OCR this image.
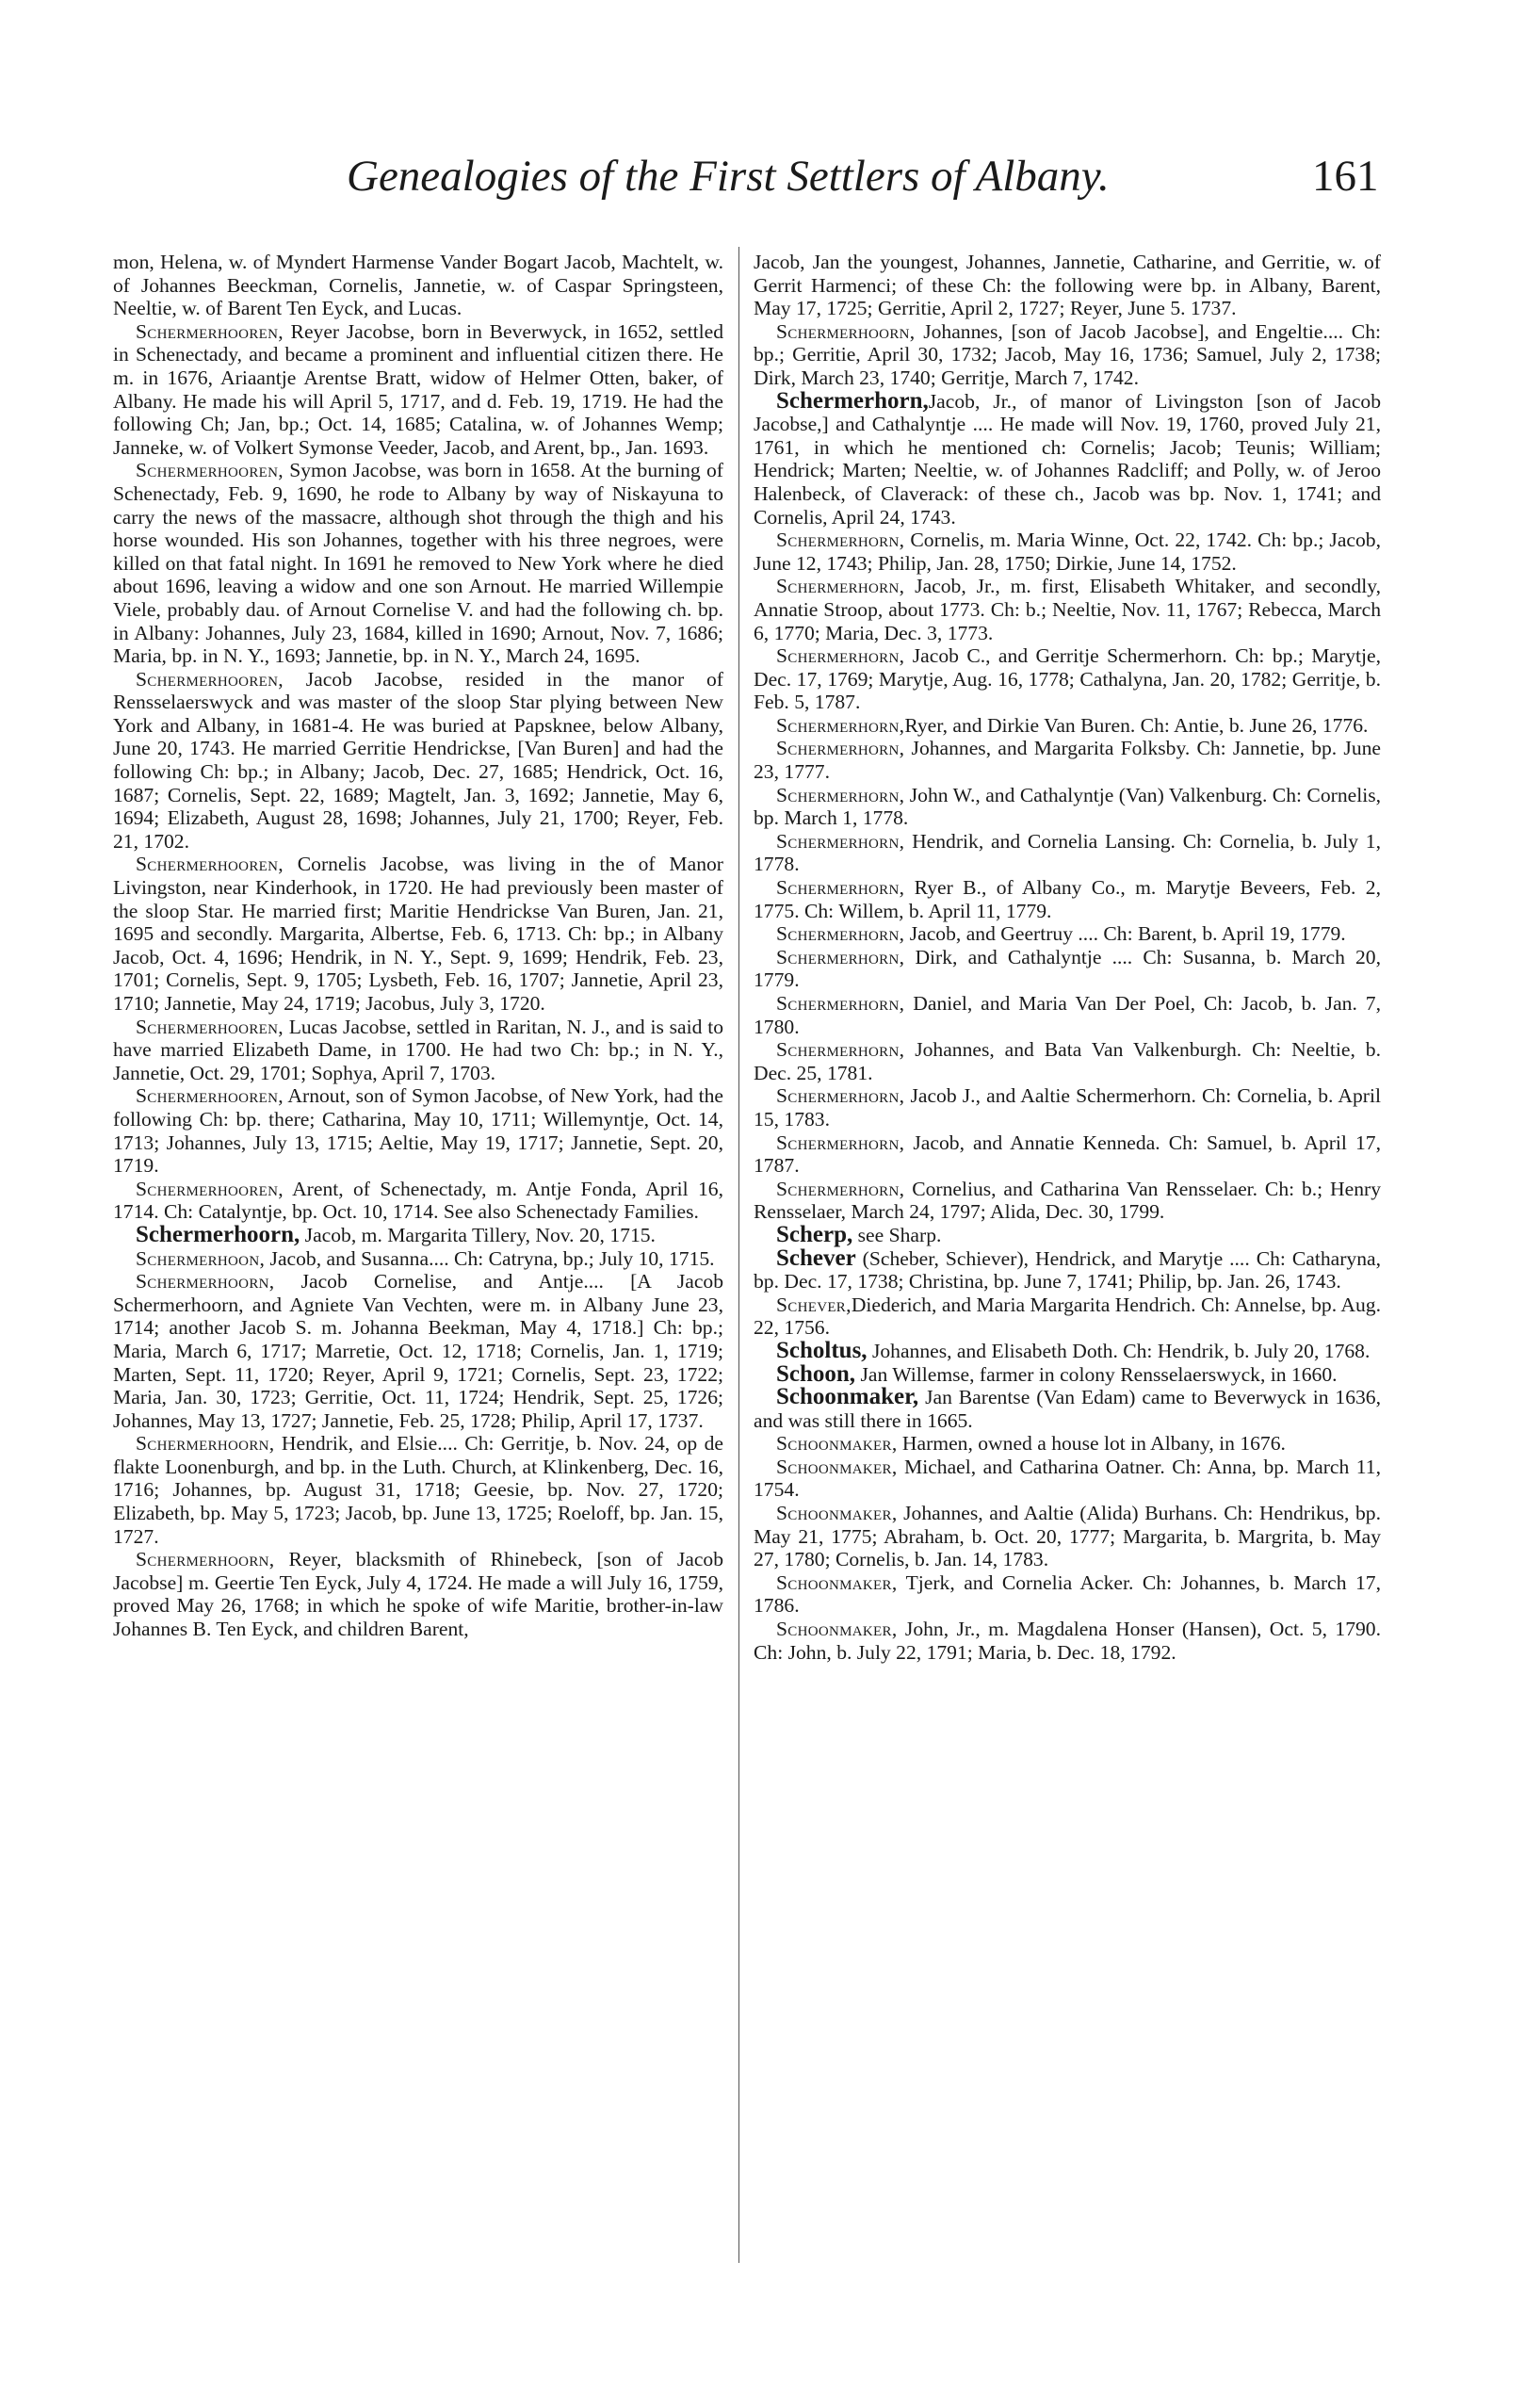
Genealogies of the First Settlers of Albany.	161

mon, Helena, w. of Myndert Harmense Vander Bogart Jacob, Machtelt, w. of Johannes Beeckman, Cornelis, Jannetie, w. of Caspar Springsteen, Neeltie, w. of Barent Ten Eyck, and Lucas.

Schermerhooren, Reyer Jacobse, born in Beverwyck, in 1652, settled in Schenectady, and became a prominent and influential citizen there. He m. in 1676, Ariaantje Arentse Bratt, widow of Helmer Otten, baker, of Albany. He made his will April 5, 1717, and d. Feb. 19, 1719. He had the following Ch; Jan, bp.; Oct. 14, 1685; Catalina, w. of Johannes Wemp; Janneke, w. of Volkert Symonse Veeder, Jacob, and Arent, bp., Jan. 1693.

Schermerhooren, Symon Jacobse, was born in 1658. At the burning of Schenectady, Feb. 9, 1690, he rode to Albany by way of Niskayuna to carry the news of the massacre, although shot through the thigh and his horse wounded. His son Johannes, together with his three negroes, were killed on that fatal night. In 1691 he removed to New York where he died about 1696, leaving a widow and one son Arnout. He married Willempie Viele, probably dau. of Arnout Cornelise V. and had the following ch. bp. in Albany: Johannes, July 23, 1684, killed in 1690; Arnout, Nov. 7, 1686; Maria, bp. in N. Y., 1693; Jannetie, bp. in N. Y., March 24, 1695.

Schermerhooren, Jacob Jacobse, resided in the manor of Rensselaerswyck and was master of the sloop Star plying between New York and Albany, in 1681-4. He was buried at Papsknee, below Albany, June 20, 1743. He married Gerritie Hendrickse, [Van Buren] and had the following Ch: bp.; in Albany; Jacob, Dec. 27, 1685; Hendrick, Oct. 16, 1687; Cornelis, Sept. 22, 1689; Magtelt, Jan. 3, 1692; Jannetie, May 6, 1694; Elizabeth, August 28, 1698; Johannes, July 21, 1700; Reyer, Feb. 21, 1702.

Schermerhooren, Cornelis Jacobse, was living in the of Manor Livingston, near Kinderhook, in 1720. He had previously been master of the sloop Star. He married first; Maritie Hendrickse Van Buren, Jan. 21, 1695 and secondly. Margarita, Albertse, Feb. 6, 1713. Ch: bp.; in Albany Jacob, Oct. 4, 1696; Hendrik, in N. Y., Sept. 9, 1699; Hendrik, Feb. 23, 1701; Cornelis, Sept. 9, 1705; Lysbeth, Feb. 16, 1707; Jannetie, April 23, 1710; Jannetie, May 24, 1719; Jacobus, July 3, 1720.

Schermerhooren, Lucas Jacobse, settled in Raritan, N. J., and is said to have married Elizabeth Dame, in 1700. He had two Ch: bp.; in N. Y., Jannetie, Oct. 29, 1701; Sophya, April 7, 1703.

Schermerhooren, Arnout, son of Symon Jacobse, of New York, had the following Ch: bp. there; Catharina, May 10, 1711; Willemyntje, Oct. 14, 1713; Johannes, July 13, 1715; Aeltie, May 19, 1717; Jannetie, Sept. 20, 1719.

Schermerhooren, Arent, of Schenectady, m. Antje Fonda, April 16, 1714. Ch: Catalyntje, bp. Oct. 10, 1714. See also Schenectady Families.

Schermerhoorn, Jacob, m. Margarita Tillery, Nov. 20, 1715.

Schermerhoon, Jacob, and Susanna.... Ch: Catryna, bp.; July 10, 1715.

Schermerhoorn, Jacob Cornelise, and Antje.... [A Jacob Schermerhoorn, and Agniete Van Vechten, were m. in Albany June 23, 1714; another Jacob S. m. Johanna Beekman, May 4, 1718.] Ch: bp.; Maria, March 6, 1717; Marretie, Oct. 12, 1718; Cornelis, Jan. 1, 1719; Marten, Sept. 11, 1720; Reyer, April 9, 1721; Cornelis, Sept. 23, 1722; Maria, Jan. 30, 1723; Gerritie, Oct. 11, 1724; Hendrik, Sept. 25, 1726; Johannes, May 13, 1727; Jannetie, Feb. 25, 1728; Philip, April 17, 1737.

Schermerhoorn, Hendrik, and Elsie.... Ch: Gerritje, b. Nov. 24, op de flakte Loonenburgh, and bp. in the Luth. Church, at Klinkenberg, Dec. 16, 1716; Johannes, bp. August 31, 1718; Geesie, bp. Nov. 27, 1720; Elizabeth, bp. May 5, 1723; Jacob, bp. June 13, 1725; Roeloff, bp. Jan. 15, 1727.

Schermerhoorn, Reyer, blacksmith of Rhinebeck, [son of Jacob Jacobse] m. Geertie Ten Eyck, July 4, 1724. He made a will July 16, 1759, proved May 26, 1768; in which he spoke of wife Maritie, brother-in-law Johannes B. Ten Eyck, and children Barent,

Jacob, Jan the youngest, Johannes, Jannetie, Catharine, and Gerritie, w. of Gerrit Harmenci; of these Ch: the following were bp. in Albany, Barent, May 17, 1725; Gerritie, April 2, 1727; Reyer, June 5. 1737.

Schermerhoorn, Johannes, [son of Jacob Jacobse], and Engeltie.... Ch: bp.; Gerritie, April 30, 1732; Jacob, May 16, 1736; Samuel, July 2, 1738; Dirk, March 23, 1740; Gerritje, March 7, 1742.

Schermerhorn,Jacob, Jr., of manor of Livingston [son of Jacob Jacobse,] and Cathalyntje .... He made will Nov. 19, 1760, proved July 21, 1761, in which he mentioned ch: Cornelis; Jacob; Teunis; William; Hendrick; Marten; Neeltie, w. of Johannes Radcliff; and Polly, w. of Jeroo Halenbeck, of Claverack: of these ch., Jacob was bp. Nov. 1, 1741; and Cornelis, April 24, 1743.

Schermerhorn, Cornelis, m. Maria Winne, Oct. 22, 1742. Ch: bp.; Jacob, June 12, 1743; Philip, Jan. 28, 1750; Dirkie, June 14, 1752.

Schermerhorn, Jacob, Jr., m. first, Elisabeth Whitaker, and secondly, Annatie Stroop, about 1773. Ch: b.; Neeltie, Nov. 11, 1767; Rebecca, March 6, 1770; Maria, Dec. 3, 1773.

Schermerhorn, Jacob C., and Gerritje Schermerhorn. Ch: bp.; Marytje, Dec. 17, 1769; Marytje, Aug. 16, 1778; Cathalyna, Jan. 20, 1782; Gerritje, b. Feb. 5, 1787.

Schermerhorn,Ryer, and Dirkie Van Buren. Ch: Antie, b. June 26, 1776.

Schermerhorn, Johannes, and Margarita Folksby. Ch: Jannetie, bp. June 23, 1777.

Schermerhorn, John W., and Cathalyntje (Van) Valkenburg. Ch: Cornelis, bp. March 1, 1778.

Schermerhorn, Hendrik, and Cornelia Lansing. Ch: Cornelia, b. July 1, 1778.

Schermerhorn, Ryer B., of Albany Co., m. Marytje Beveers, Feb. 2, 1775. Ch: Willem, b. April 11, 1779.

Schermerhorn, Jacob, and Geertruy .... Ch: Barent, b. April 19, 1779.

Schermerhorn, Dirk, and Cathalyntje .... Ch: Susanna, b. March 20, 1779.

Schermerhorn, Daniel, and Maria Van Der Poel, Ch: Jacob, b. Jan. 7, 1780.

Schermerhorn, Johannes, and Bata Van Valkenburgh. Ch: Neeltie, b. Dec. 25, 1781.

Schermerhorn, Jacob J., and Aaltie Schermerhorn. Ch: Cornelia, b. April 15, 1783.

Schermerhorn, Jacob, and Annatie Kenneda. Ch: Samuel, b. April 17, 1787.

Schermerhorn, Cornelius, and Catharina Van Rensselaer. Ch: b.; Henry Rensselaer, March 24, 1797; Alida, Dec. 30, 1799.

Scherp, see Sharp.

Schever (Scheber, Schiever), Hendrick, and Marytje .... Ch: Catharyna, bp. Dec. 17, 1738; Christina, bp. June 7, 1741; Philip, bp. Jan. 26, 1743.

Schever,Diederich, and Maria Margarita Hendrich. Ch: Annelse, bp. Aug. 22, 1756.

Scholtus, Johannes, and Elisabeth Doth. Ch: Hendrik, b. July 20, 1768.

Schoon, Jan Willemse, farmer in colony Rensselaerswyck, in 1660.

Schoonmaker, Jan Barentse (Van Edam) came to Beverwyck in 1636, and was still there in 1665.

Schoonmaker, Harmen, owned a house lot in Albany, in 1676.

Schoonmaker, Michael, and Catharina Oatner. Ch: Anna, bp. March 11, 1754.

Schoonmaker, Johannes, and Aaltie (Alida) Burhans. Ch: Hendrikus, bp. May 21, 1775; Abraham, b. Oct. 20, 1777; Margarita, b. Margrita, b. May 27, 1780; Cornelis, b. Jan. 14, 1783.

Schoonmaker, Tjerk, and Cornelia Acker. Ch: Johannes, b. March 17, 1786.

Schoonmaker, John, Jr., m. Magdalena Honser (Hansen), Oct. 5, 1790. Ch: John, b. July 22, 1791; Maria, b. Dec. 18, 1792.
